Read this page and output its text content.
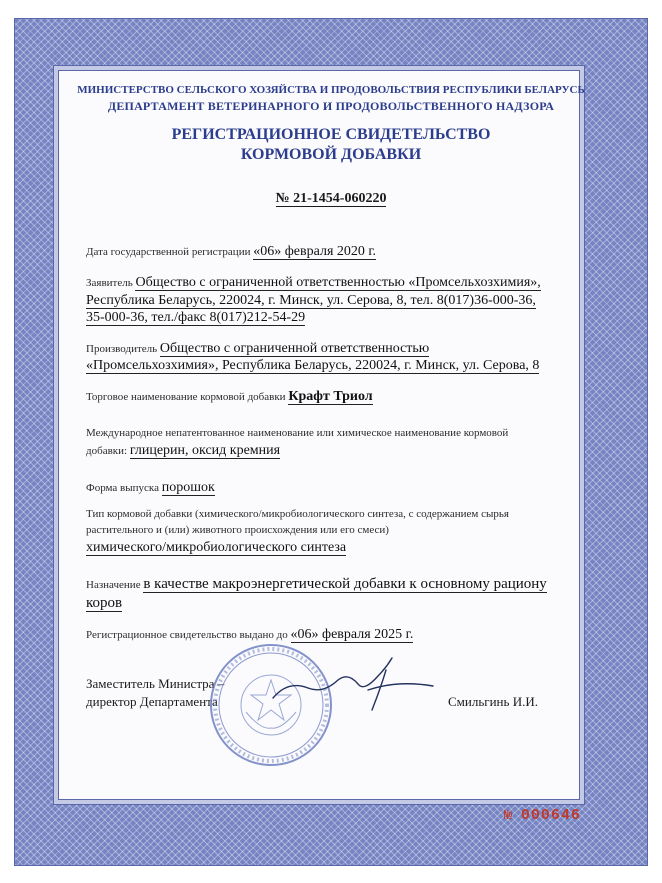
МИНИСТЕРСТВО СЕЛЬСКОГО ХОЗЯЙСТВА И ПРОДОВОЛЬСТВИЯ РЕСПУБЛИКИ БЕЛАРУСЬ
ДЕПАРТАМЕНТ ВЕТЕРИНАРНОГО И ПРОДОВОЛЬСТВЕННОГО НАДЗОРА
РЕГИСТРАЦИОННОЕ СВИДЕТЕЛЬСТВО
КОРМОВОЙ ДОБАВКИ
№ 21-1454-060220
Дата государственной регистрации «06» февраля 2020 г.
Заявитель Общество с ограниченной ответственностью «Промсельхозхимия»,
Республика Беларусь, 220024, г. Минск, ул. Серова, 8, тел. 8(017)36-000-36,
35-000-36, тел./факс 8(017)212-54-29
Производитель Общество с ограниченной ответственностью
«Промсельхозхимия», Республика Беларусь, 220024, г. Минск, ул. Серова, 8
Торговое наименование кормовой добавки Крафт Триол
Международное непатентованное наименование или химическое наименование кормовой
добавки: глицерин, оксид кремния
Форма выпуска порошок
Тип кормовой добавки (химического/микробиологического синтеза, с содержанием сырья
растительного и (или) животного происхождения или его смеси)
химического/микробиологического синтеза
Назначение в качестве макроэнергетической добавки к основному рациону
коров
Регистрационное свидетельство выдано до «06» февраля 2025 г.
Заместитель Министра –
директор Департамента	Смильгинь И.И.
№ 000646
